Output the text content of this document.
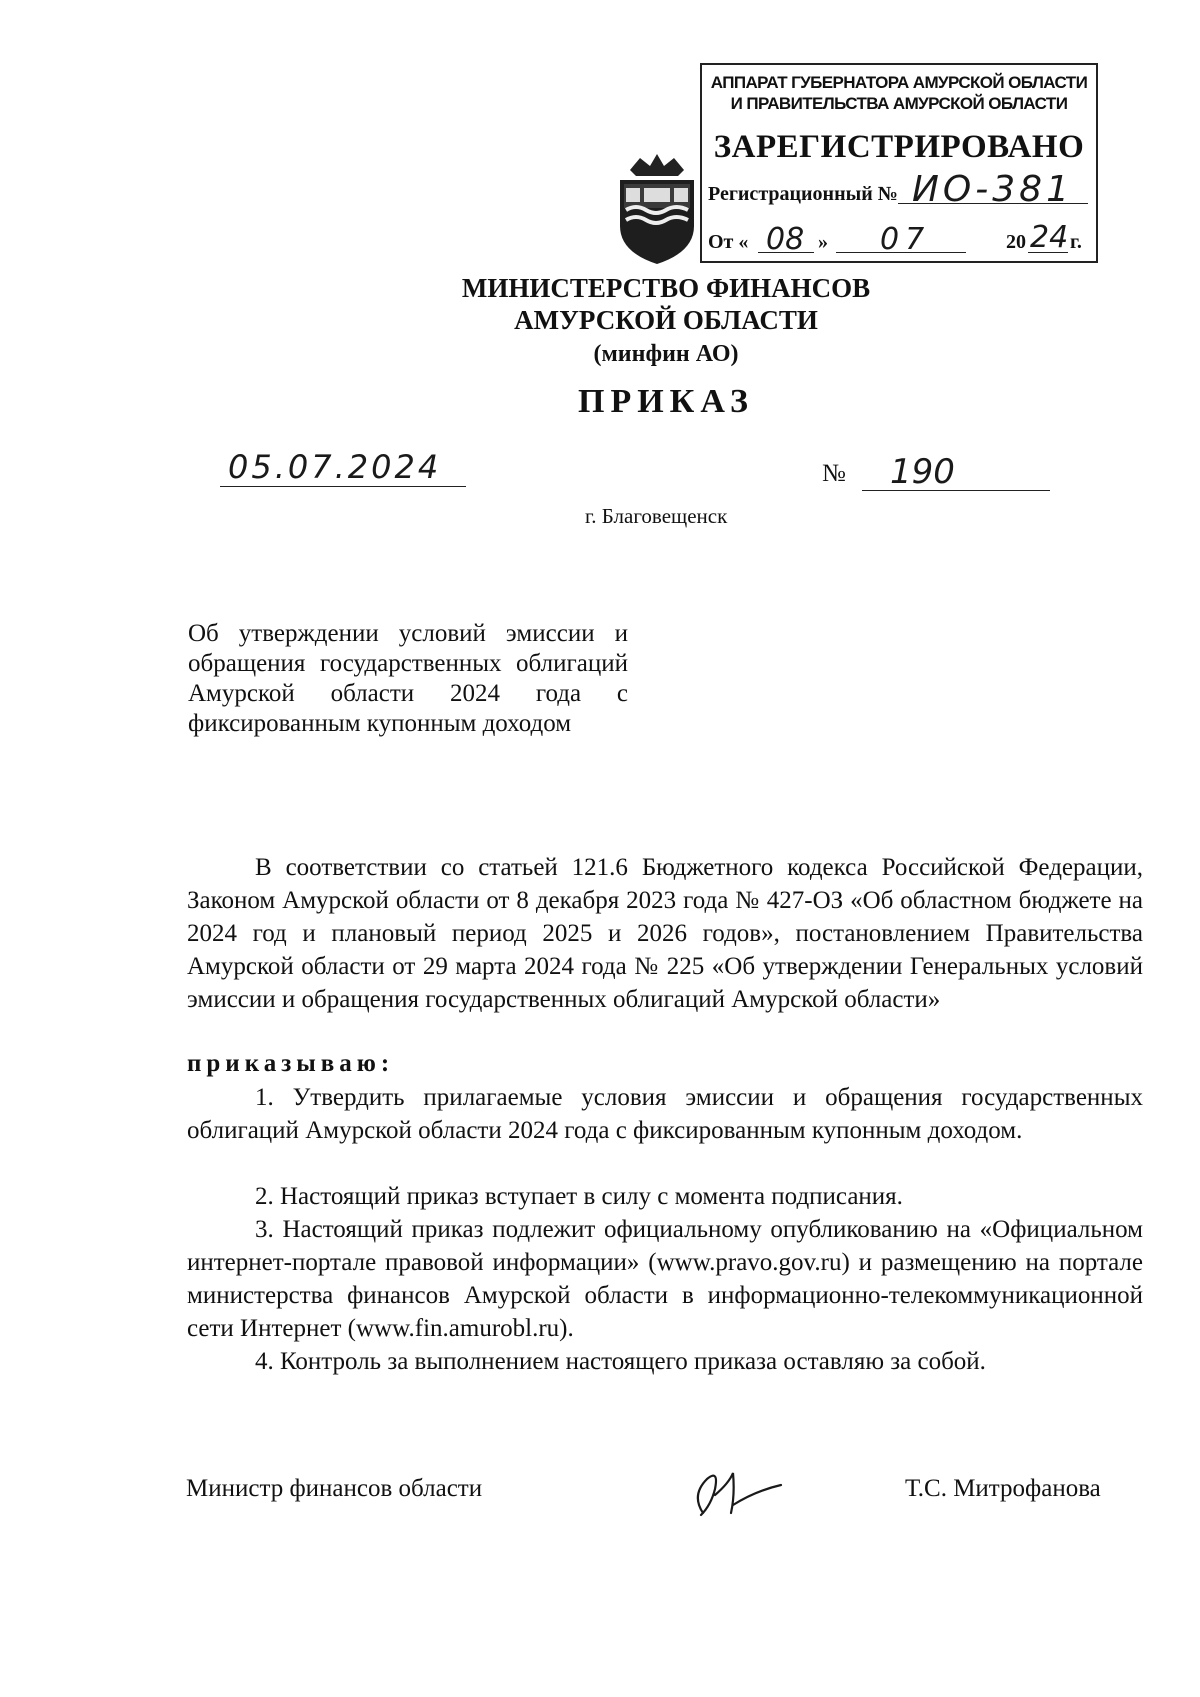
АППАРАТ ГУБЕРНАТОРА АМУРСКОЙ ОБЛАСТИ
И ПРАВИТЕЛЬСТВА АМУРСКОЙ ОБЛАСТИ
ЗАРЕГИСТРИРОВАНО
Регистрационный № ИО-381
От « 08 » 07	20 24 г.
МИНИСТЕРСТВО ФИНАНСОВ
АМУРСКОЙ ОБЛАСТИ
(минфин АО)
ПРИКАЗ
05.07.2024	№ 190
г. Благовещенск
Об утверждении условий эмиссии и обращения государственных облигаций Амурской области 2024 года с фиксированным купонным доходом
В соответствии со статьей 121.6 Бюджетного кодекса Российской Федерации, Законом Амурской области от 8 декабря 2023 года № 427-ОЗ «Об областном бюджете на 2024 год и плановый период 2025 и 2026 годов», постановлением Правительства Амурской области от 29 марта 2024 года № 225 «Об утверждении Генеральных условий эмиссии и обращения государственных облигаций Амурской области»
приказываю:
1. Утвердить прилагаемые условия эмиссии и обращения государственных облигаций Амурской области 2024 года с фиксированным купонным доходом.
2. Настоящий приказ вступает в силу с момента подписания.
3. Настоящий приказ подлежит официальному опубликованию на «Официальном интернет-портале правовой информации» (www.pravo.gov.ru) и размещению на портале министерства финансов Амурской области в информационно-телекоммуникационной сети Интернет (www.fin.amurobl.ru).
4. Контроль за выполнением настоящего приказа оставляю за собой.
Министр финансов области	Т.С. Митрофанова
